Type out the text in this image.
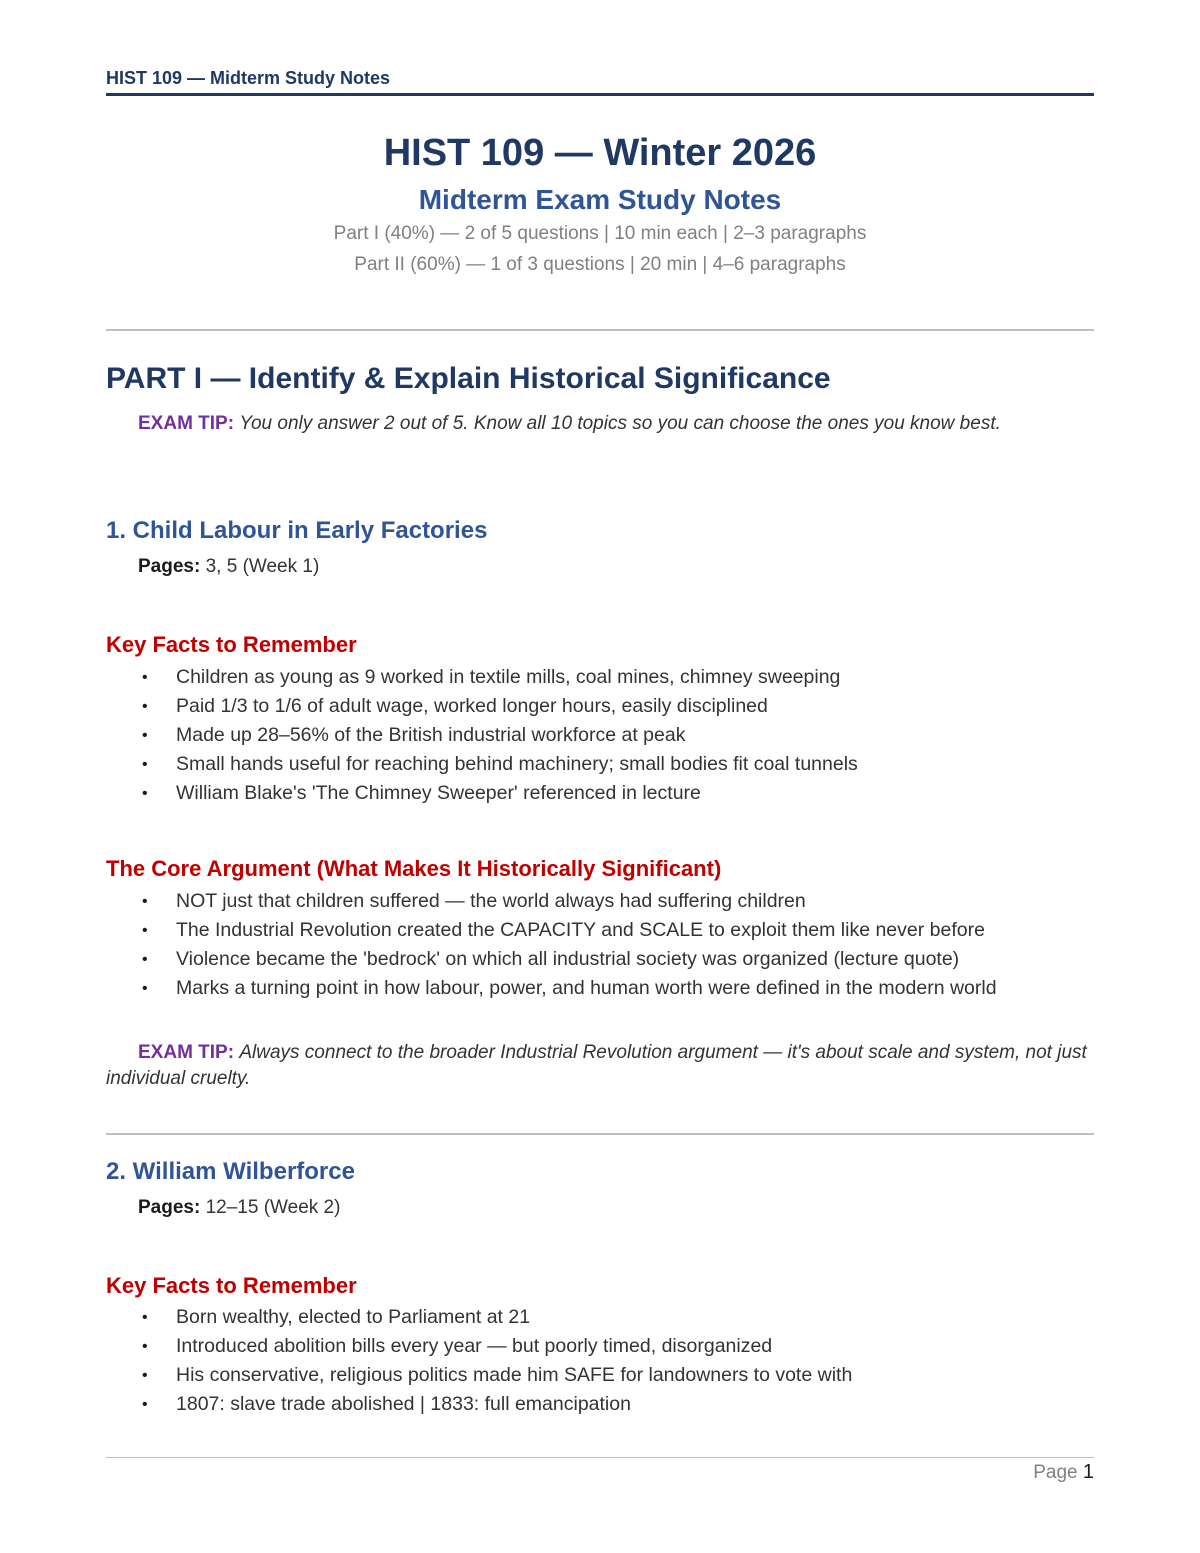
HIST 109 — Midterm Study Notes
HIST 109 — Winter 2026
Midterm Exam Study Notes
Part I (40%) — 2 of 5 questions | 10 min each | 2–3 paragraphs
Part II (60%) — 1 of 3 questions | 20 min | 4–6 paragraphs
PART I — Identify & Explain Historical Significance
EXAM TIP: You only answer 2 out of 5. Know all 10 topics so you can choose the ones you know best.
1. Child Labour in Early Factories
Pages: 3, 5 (Week 1)
Key Facts to Remember
• Children as young as 9 worked in textile mills, coal mines, chimney sweeping
• Paid 1/3 to 1/6 of adult wage, worked longer hours, easily disciplined
• Made up 28–56% of the British industrial workforce at peak
• Small hands useful for reaching behind machinery; small bodies fit coal tunnels
• William Blake's 'The Chimney Sweeper' referenced in lecture
The Core Argument (What Makes It Historically Significant)
• NOT just that children suffered — the world always had suffering children
• The Industrial Revolution created the CAPACITY and SCALE to exploit them like never before
• Violence became the 'bedrock' on which all industrial society was organized (lecture quote)
• Marks a turning point in how labour, power, and human worth were defined in the modern world
EXAM TIP: Always connect to the broader Industrial Revolution argument — it's about scale and system, not just individual cruelty.
2. William Wilberforce
Pages: 12–15 (Week 2)
Key Facts to Remember
• Born wealthy, elected to Parliament at 21
• Introduced abolition bills every year — but poorly timed, disorganized
• His conservative, religious politics made him SAFE for landowners to vote with
• 1807: slave trade abolished | 1833: full emancipation
Page 1
